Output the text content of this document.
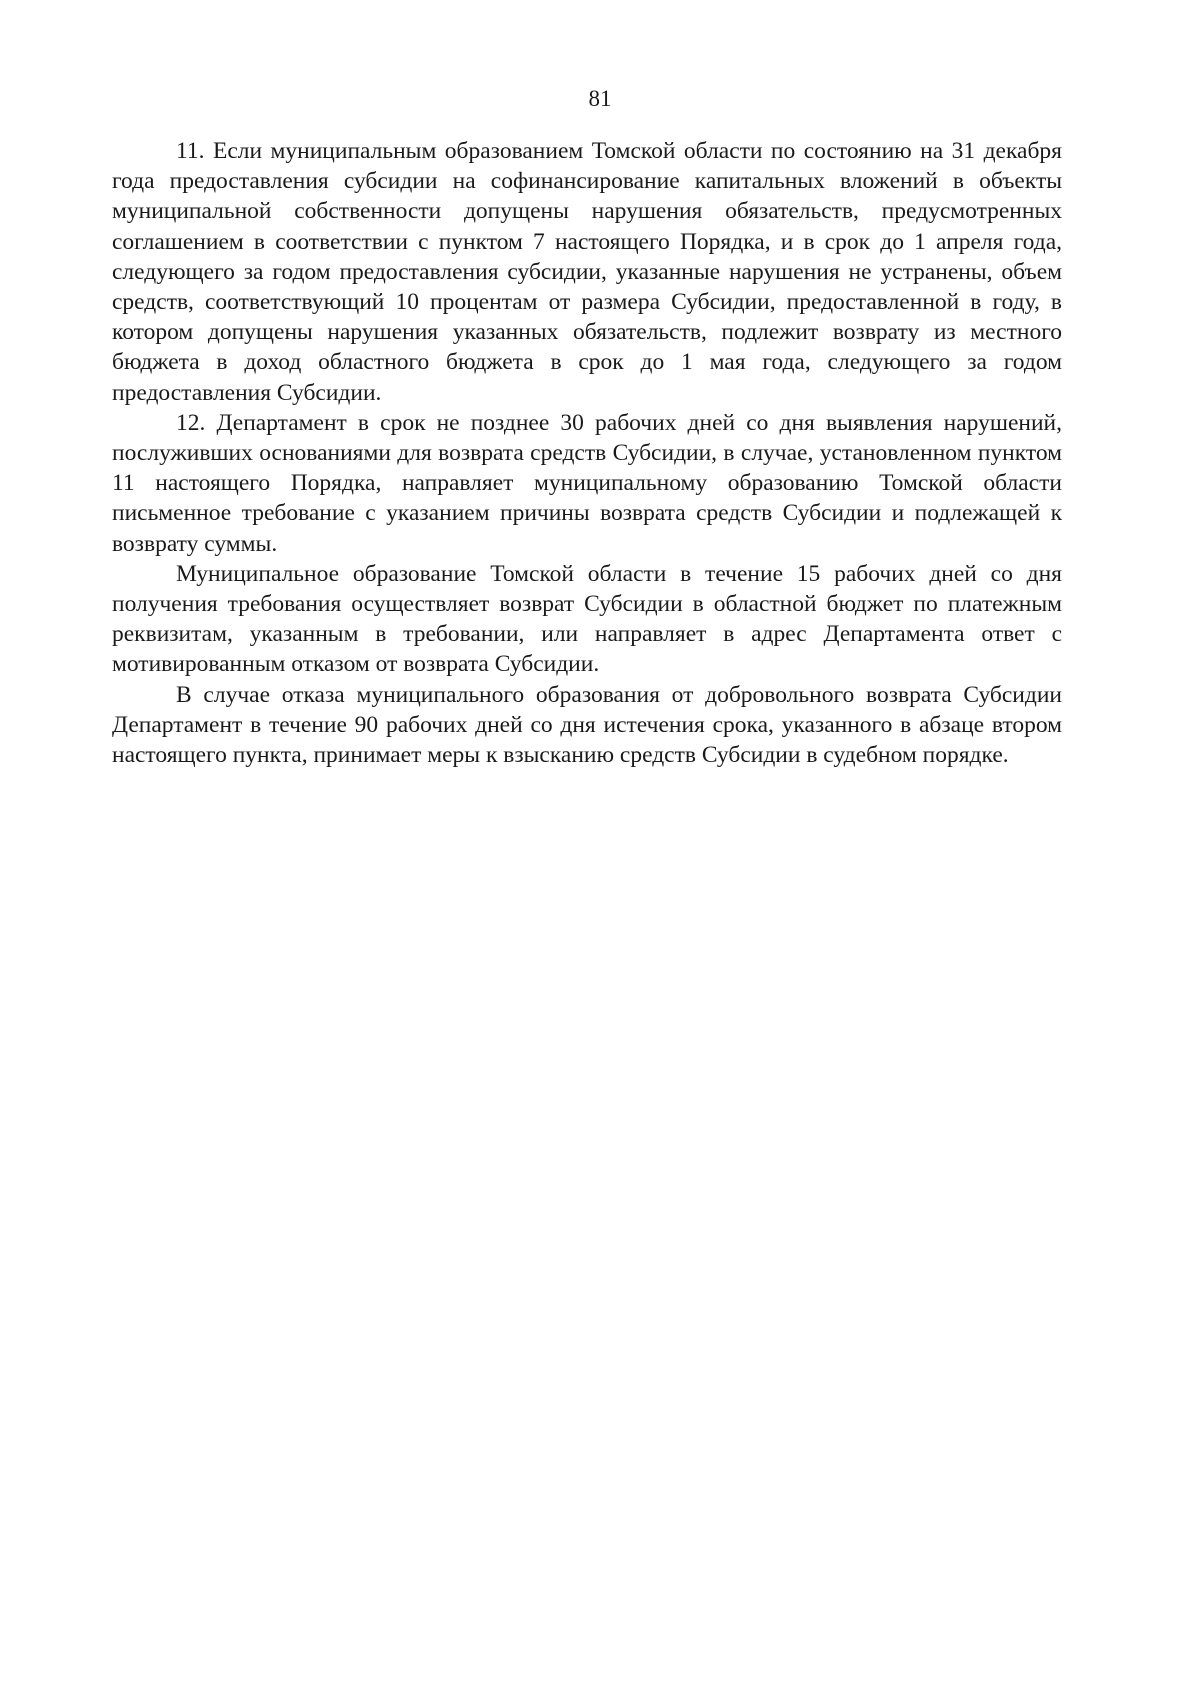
81

11. Если муниципальным образованием Томской области по состоянию на 31 декабря года предоставления субсидии на софинансирование капитальных вложений в объекты муниципальной собственности допущены нарушения обязательств, предусмотренных соглашением в соответствии с пунктом 7 настоящего Порядка, и в срок до 1 апреля года, следующего за годом предоставления субсидии, указанные нарушения не устранены, объем средств, соответствующий 10 процентам от размера Субсидии, предоставленной в году, в котором допущены нарушения указанных обязательств, подлежит возврату из местного бюджета в доход областного бюджета в срок до 1 мая года, следующего за годом предоставления Субсидии.

12. Департамент в срок не позднее 30 рабочих дней со дня выявления нарушений, послуживших основаниями для возврата средств Субсидии, в случае, установленном пунктом 11 настоящего Порядка, направляет муниципальному образованию Томской области письменное требование с указанием причины возврата средств Субсидии и подлежащей к возврату суммы.

Муниципальное образование Томской области в течение 15 рабочих дней со дня получения требования осуществляет возврат Субсидии в областной бюджет по платежным реквизитам, указанным в требовании, или направляет в адрес Департамента ответ с мотивированным отказом от возврата Субсидии.

В случае отказа муниципального образования от добровольного возврата Субсидии Департамент в течение 90 рабочих дней со дня истечения срока, указанного в абзаце втором настоящего пункта, принимает меры к взысканию средств Субсидии в судебном порядке.
